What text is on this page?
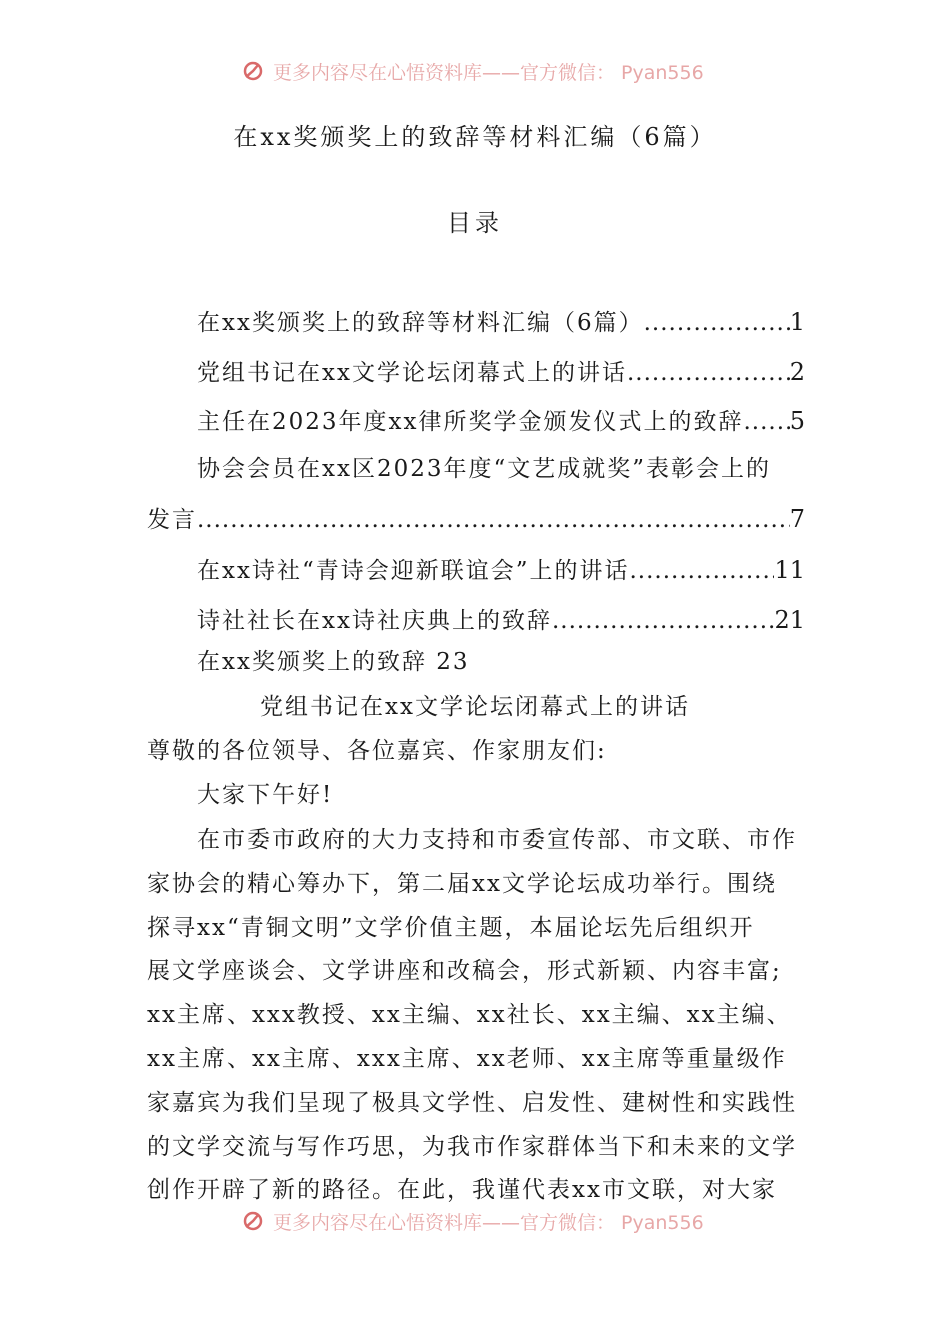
更多内容尽在心悟资料库——官方微信： Pyan556
在xx奖颁奖上的致辞等材料汇编（6篇）
目录
在xx奖颁奖上的致辞等材料汇编（6篇） .....	1
党组书记在xx文学论坛闭幕式上的讲话 .....	2
主任在2023年度xx律所奖学金颁发仪式上的致辞 ..... 5
协会会员在xx区2023年度“文艺成就奖”表彰会上的
发言 .....	7
在xx诗社“青诗会迎新联谊会”上的讲话 .....	11
诗社社长在xx诗社庆典上的致辞 .....	21
在xx奖颁奖上的致辞 23
党组书记在xx文学论坛闭幕式上的讲话
尊敬的各位领导、各位嘉宾、作家朋友们:
大家下午好!
在市委市政府的大力支持和市委宣传部、市文联、市作
家协会的精心筹办下，第二届xx文学论坛成功举行。围绕
探寻xx“青铜文明”文学价值主题，本届论坛先后组织开
展文学座谈会、文学讲座和改稿会，形式新颖、内容丰富;
xx主席、xxx教授、xx主编、xx社长、xx主编、xx主编、
xx主席、xx主席、xxx主席、xx老师、xx主席等重量级作
家嘉宾为我们呈现了极具文学性、启发性、建树性和实践性
的文学交流与写作巧思，为我市作家群体当下和未来的文学
创作开辟了新的路径。在此，我谨代表xx市文联，对大家
更多内容尽在心悟资料库——官方微信： Pyan556
